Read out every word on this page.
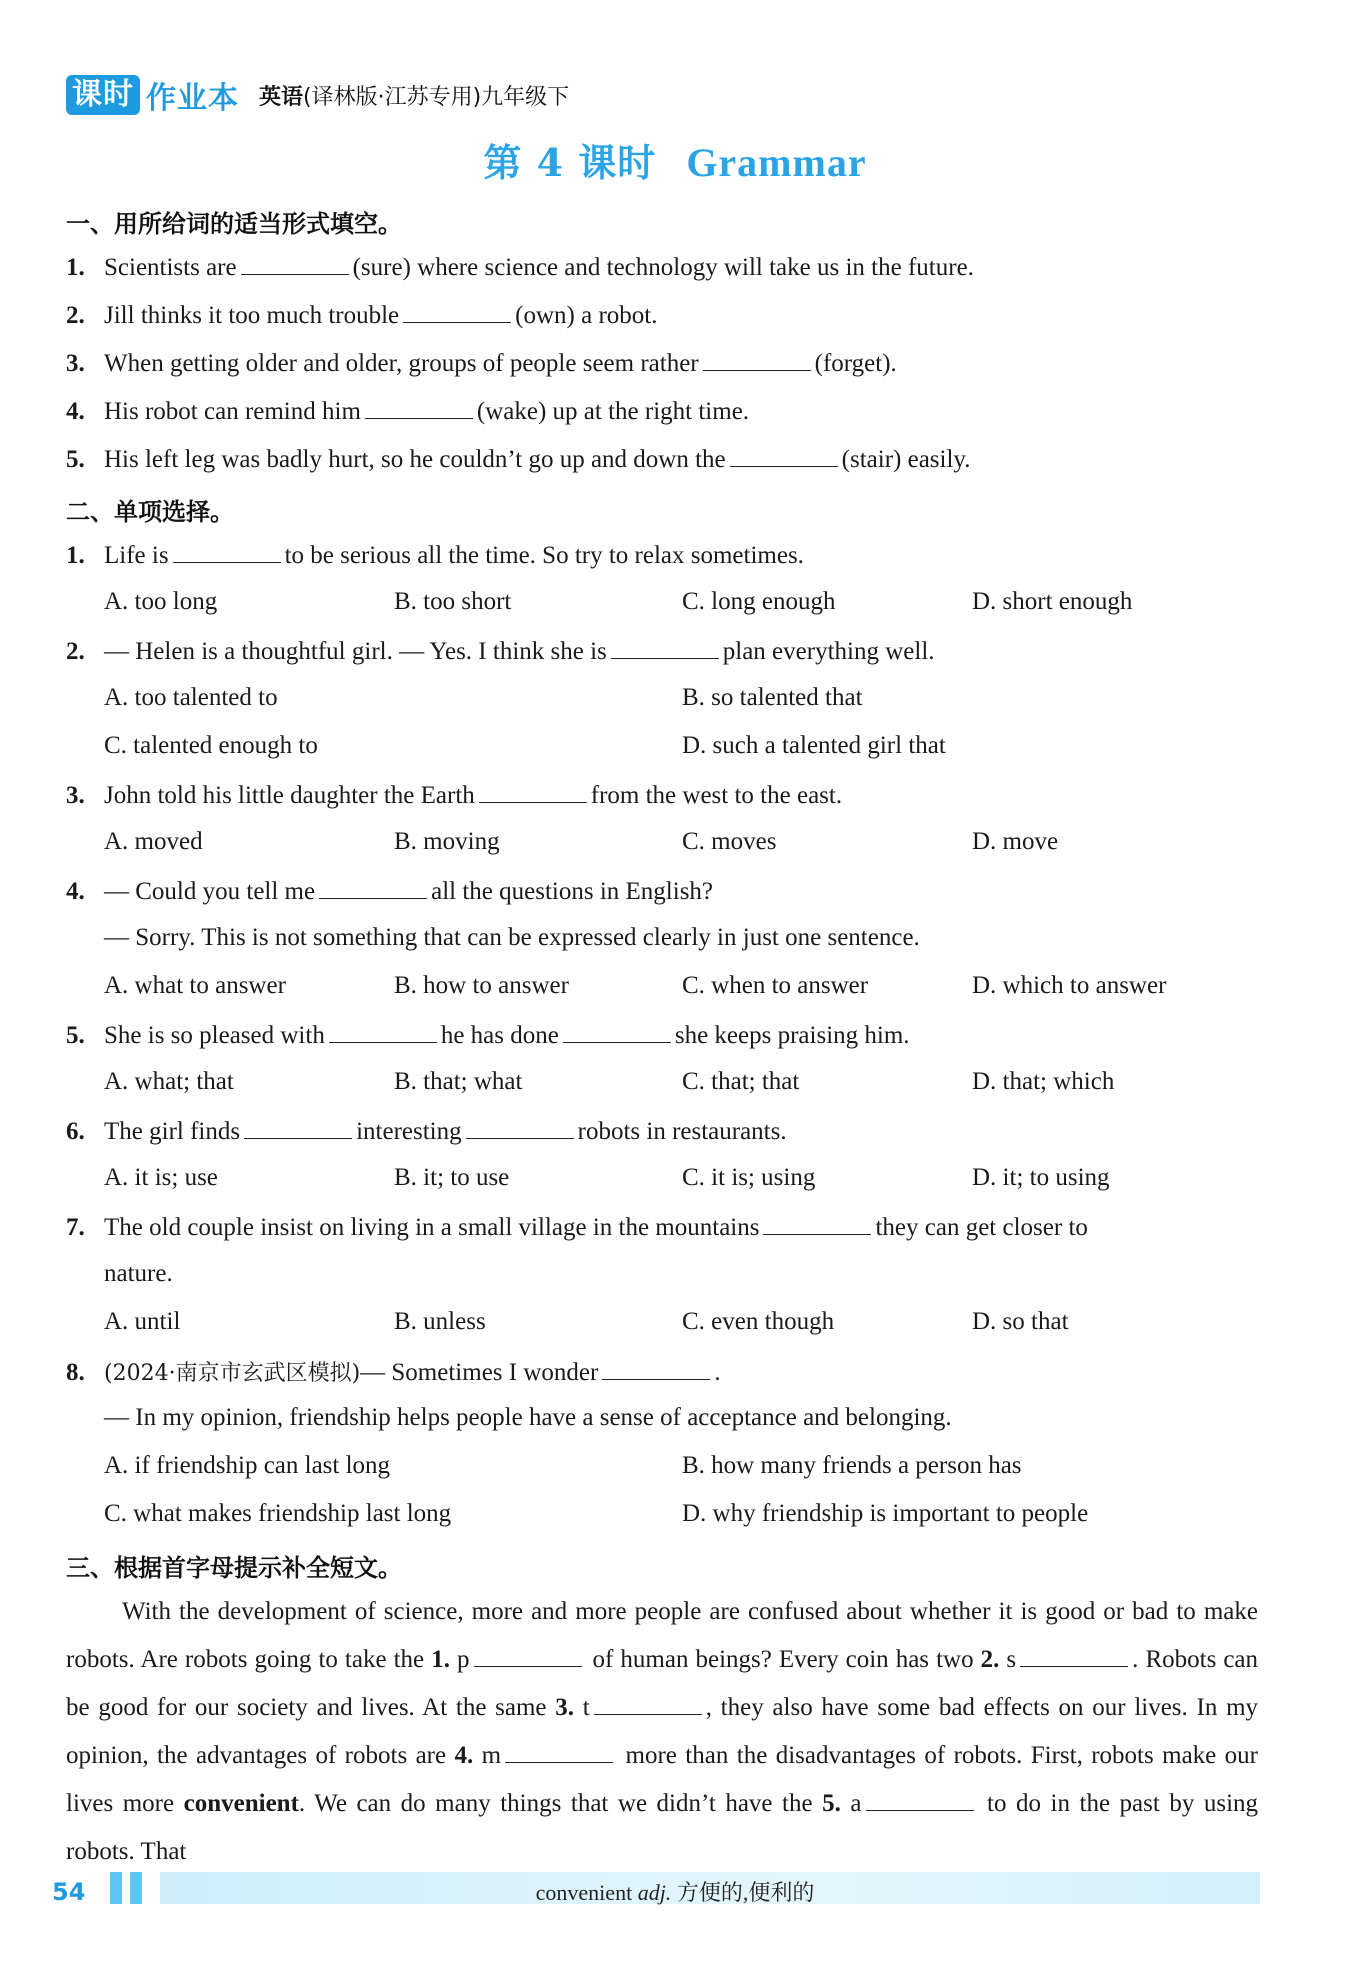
课时 作业本 英语(译林版·江苏专用)九年级下
第 4 课时 Grammar
一、用所给词的适当形式填空。
1. Scientists are	(sure) where science and technology will take us in the future.
2. Jill thinks it too much trouble	(own) a robot.
3. When getting older and older, groups of people seem rather	(forget).
4. His robot can remind him	(wake) up at the right time.
5. His left leg was badly hurt, so he couldn’t go up and down the	(stair) easily.
二、单项选择。
1. Life is	to be serious all the time. So try to relax sometimes.
A. too long	B. too short	C. long enough	D. short enough
2. — Helen is a thoughtful girl. — Yes. I think she is	plan everything well.
A. too talented to	B. so talented that
C. talented enough to	D. such a talented girl that
3. John told his little daughter the Earth	from the west to the east.
A. moved	B. moving	C. moves	D. move
4. — Could you tell me	all the questions in English?
— Sorry. This is not something that can be expressed clearly in just one sentence.
A. what to answer	B. how to answer	C. when to answer	D. which to answer
5. She is so pleased with	he has done	she keeps praising him.
A. what; that	B. that; what	C. that; that	D. that; which
6. The girl finds	interesting	robots in restaurants.
A. it is; use	B. it; to use	C. it is; using	D. it; to using
7. The old couple insist on living in a small village in the mountains	they can get closer to
nature.
A. until	B. unless	C. even though	D. so that
8. (2024·南京市玄武区模拟)— Sometimes I wonder	.
— In my opinion, friendship helps people have a sense of acceptance and belonging.
A. if friendship can last long	B. how many friends a person has
C. what makes friendship last long	D. why friendship is important to people
三、根据首字母提示补全短文。
With the development of science, more and more people are confused about whether it is good or bad to make robots. Are robots going to take the 1. p	of human beings? Every coin has two 2. s	. Robots can be good for our society and lives. At the same 3. t	, they also have some bad effects on our lives. In my opinion, the advantages of robots are 4. m	more than the disadvantages of robots. First, robots make our lives more convenient. We can do many things that we didn’t have the 5. a	to do in the past by using robots. That
54	convenient adj. 方便的,便利的
